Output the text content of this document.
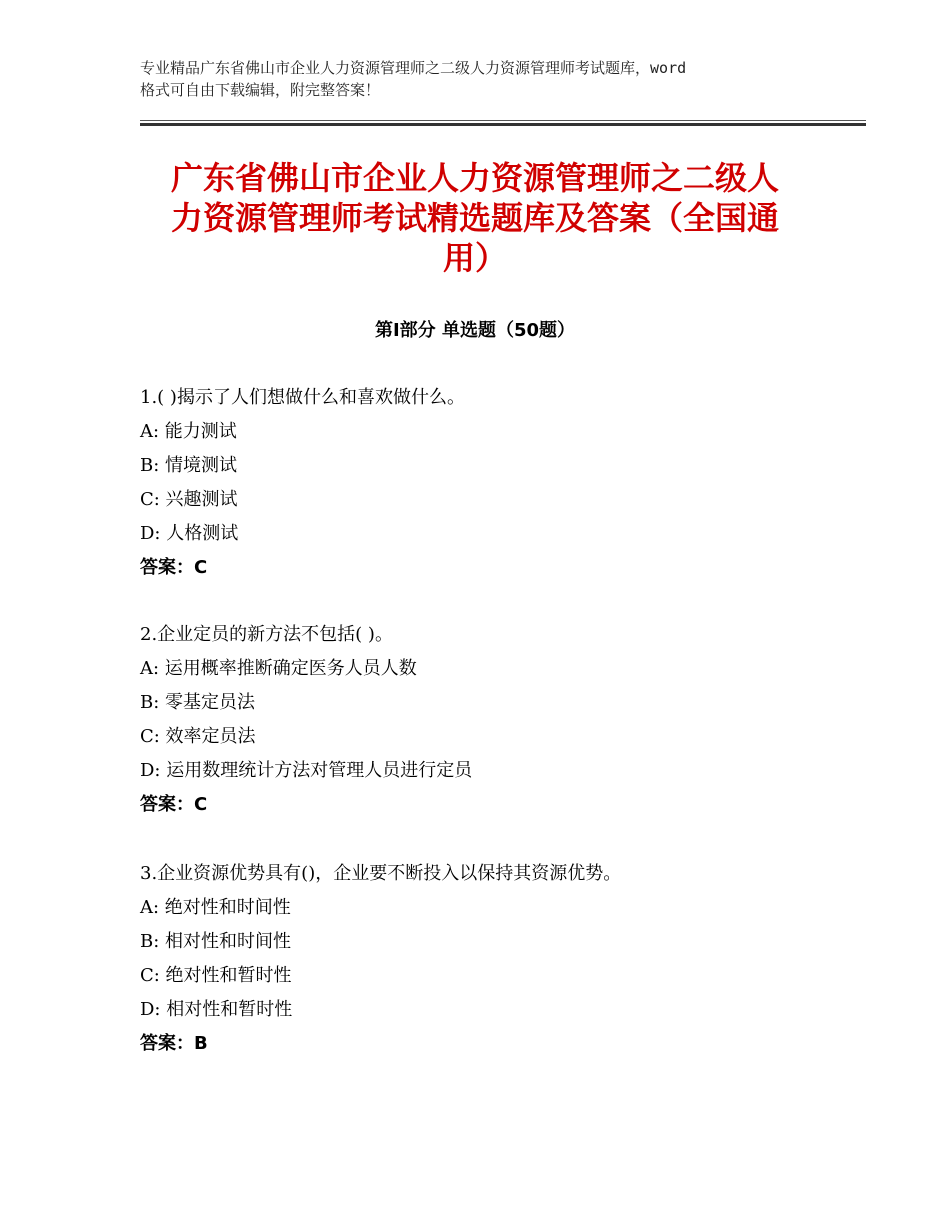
专业精品广东省佛山市企业人力资源管理师之二级人力资源管理师考试题库，word
格式可自由下载编辑，附完整答案！
广东省佛山市企业人力资源管理师之二级人
力资源管理师考试精选题库及答案（全国通
用）
第Ⅰ部分 单选题（50题）
1.( )揭示了人们想做什么和喜欢做什么。
A: 能力测试
B: 情境测试
C: 兴趣测试
D: 人格测试
答案：C
2.企业定员的新方法不包括( )。
A: 运用概率推断确定医务人员人数
B: 零基定员法
C: 效率定员法
D: 运用数理统计方法对管理人员进行定员
答案：C
3.企业资源优势具有()，企业要不断投入以保持其资源优势。
A: 绝对性和时间性
B: 相对性和时间性
C: 绝对性和暂时性
D: 相对性和暂时性
答案：B
